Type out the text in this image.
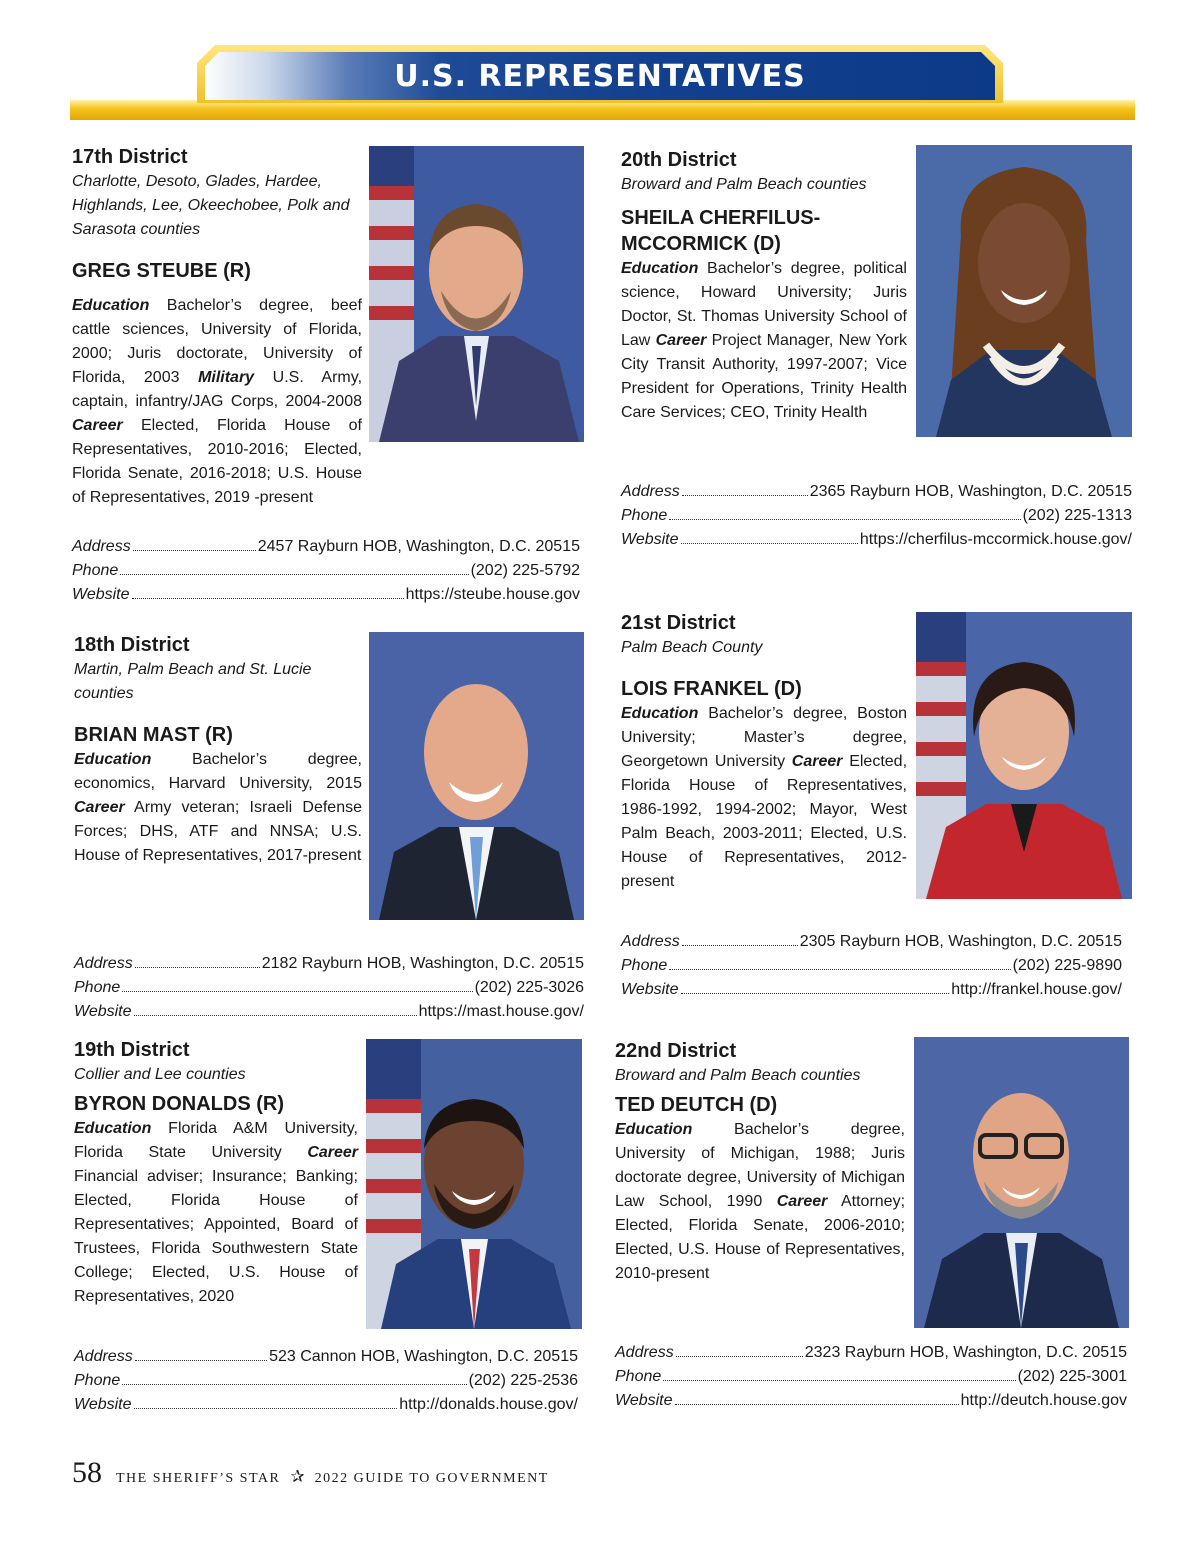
U.S. REPRESENTATIVES
17th District
Charlotte, Desoto, Glades, Hardee, Highlands, Lee, Okeechobee, Polk and Sarasota counties
GREG STEUBE (R)
Education Bachelor’s degree, beef cattle sciences, University of Florida, 2000; Juris doctorate, University of Florida, 2003 Military U.S. Army, captain, infantry/JAG Corps, 2004-2008 Career Elected, Florida House of Representatives, 2010-2016; Elected, Florida Senate, 2016-2018; U.S. House of Representatives, 2019 -present
Address	2457 Rayburn HOB, Washington, D.C. 20515
Phone	(202) 225-5792
Website	https://steube.house.gov
18th District
Martin, Palm Beach and St. Lucie counties
BRIAN MAST (R)
Education	Bachelor’s degree, economics, Harvard University, 2015 Career Army veteran; Israeli Defense Forces; DHS, ATF and NNSA; U.S. House of Representatives, 2017-present
Address	2182 Rayburn HOB, Washington, D.C. 20515
Phone	(202) 225-3026
Website	https://mast.house.gov/
19th District
Collier and Lee counties
BYRON DONALDS (R)
Education Florida A&M University, Florida State University Career Financial adviser; Insurance; Banking; Elected, Florida House of Representatives; Appointed, Board of Trustees, Florida Southwestern State College; Elected, U.S. House of Representatives, 2020
Address	523 Cannon HOB, Washington, D.C. 20515
Phone	(202) 225-2536
Website	http://donalds.house.gov/
20th District
Broward and Palm Beach counties
SHEILA CHERFILUS-MCCORMICK (D)
Education Bachelor’s degree, political science, Howard University; Juris Doctor, St. Thomas University School of Law Career Project Manager, New York City Transit Authority, 1997-2007; Vice President for Operations, Trinity Health Care Services; CEO, Trinity Health
Address	2365 Rayburn HOB, Washington, D.C. 20515
Phone	(202) 225-1313
Website	https://cherfilus-mccormick.house.gov/
21st District
Palm Beach County
LOIS FRANKEL (D)
Education Bachelor’s degree, Boston University; Master’s degree, Georgetown University Career Elected, Florida House of Representatives, 1986-1992, 1994-2002; Mayor, West Palm Beach, 2003-2011; Elected, U.S. House of Representatives, 2012-present
Address	2305 Rayburn HOB, Washington, D.C. 20515
Phone	(202) 225-9890
Website	http://frankel.house.gov/
22nd District
Broward and Palm Beach counties
TED DEUTCH (D)
Education	Bachelor’s degree, University of Michigan, 1988; Juris doctorate degree, University of Michigan Law School, 1990 Career Attorney; Elected, Florida Senate, 2006-2010; Elected, U.S. House of Representatives, 2010-present
Address	2323 Rayburn HOB, Washington, D.C. 20515
Phone	(202) 225-3001
Website	http://deutch.house.gov
58 THE SHERIFF’S STAR ✰ 2022 GUIDE TO GOVERNMENT
